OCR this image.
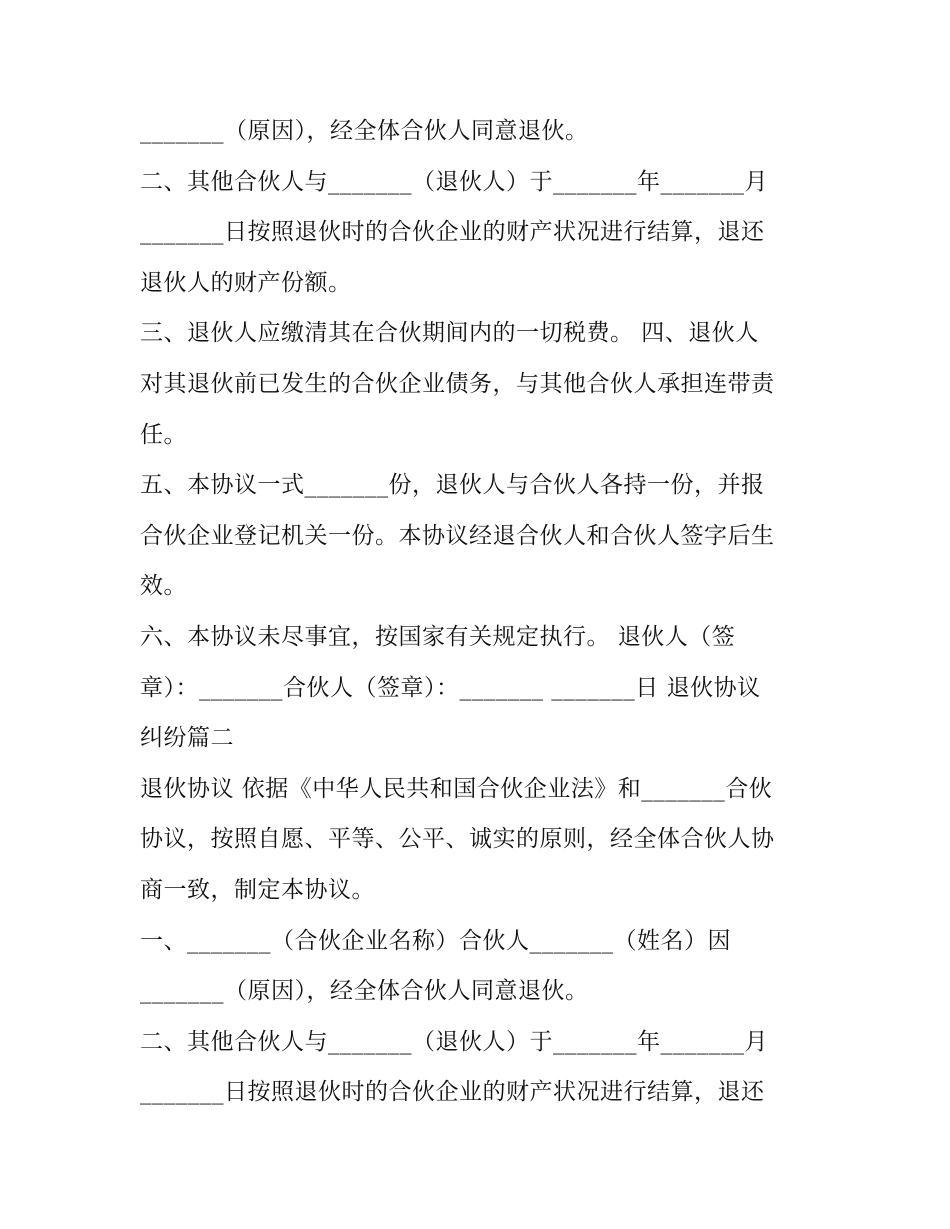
_______（原因），经全体合伙人同意退伙。
二、其他合伙人与_______（退伙人）于_______年_______月
_______日按照退伙时的合伙企业的财产状况进行结算，退还
退伙人的财产份额。
三、退伙人应缴清其在合伙期间内的一切税费。 四、退伙人
对其退伙前已发生的合伙企业债务，与其他合伙人承担连带责
任。
五、本协议一式_______份，退伙人与合伙人各持一份，并报
合伙企业登记机关一份。本协议经退合伙人和合伙人签字后生
效。
六、本协议未尽事宜，按国家有关规定执行。 退伙人（签
章）：_______合伙人（签章）：_______ _______日 退伙协议
纠纷篇二
退伙协议 依据《中华人民共和国合伙企业法》和_______合伙
协议，按照自愿、平等、公平、诚实的原则，经全体合伙人协
商一致，制定本协议。
一、_______（合伙企业名称）合伙人_______（姓名）因
_______（原因），经全体合伙人同意退伙。
二、其他合伙人与_______（退伙人）于_______年_______月
_______日按照退伙时的合伙企业的财产状况进行结算，退还
